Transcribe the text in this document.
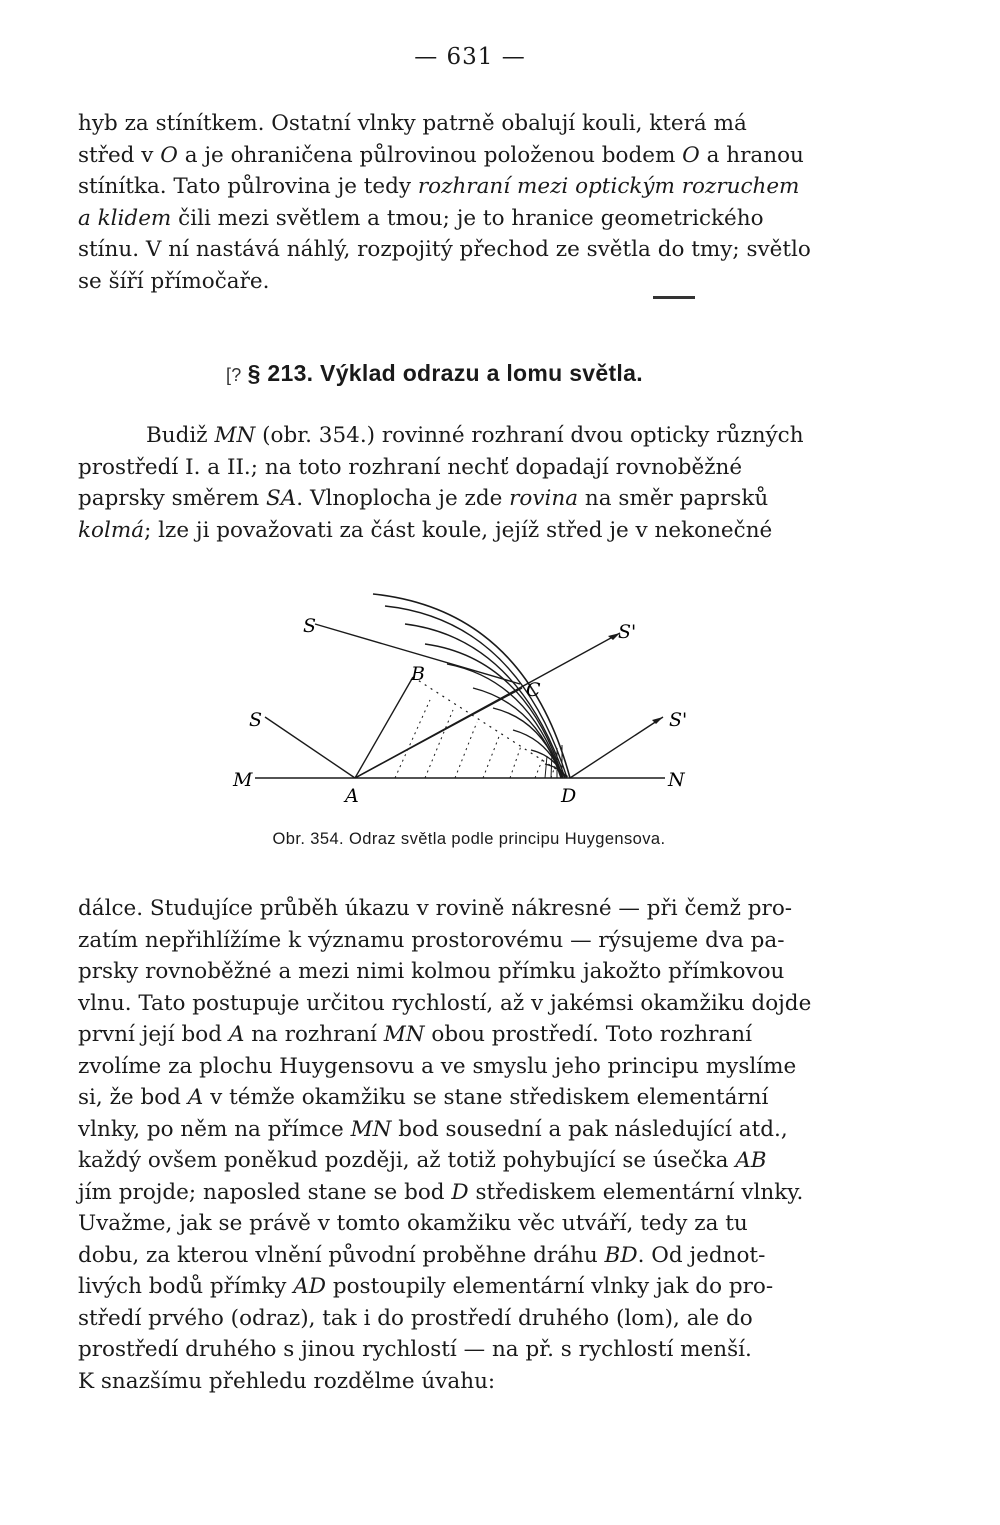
— 631 —

hyb za stínítkem. Ostatní vlnky patrně obalují kouli, která má

střed v O a je ohraničena půlrovinou položenou bodem O a hranou

stínítka. Tato půlrovina je tedy rozhraní mezi optickým rozruchem

a klidem čili mezi světlem a tmou; je to hranice geometrického

stínu. V ní nastává náhlý, rozpojitý přechod ze světla do tmy; světlo

se šíří přímočaře.

[? § 213. Výklad odrazu a lomu světla.

Budiž MN (obr. 354.) rovinné rozhraní dvou opticky různých

prostředí I. a II.; na toto rozhraní nechť dopadají rovnoběžné

paprsky směrem SA. Vlnoplocha je zde rovina na směr paprsků

kolmá; lze ji považovati za část koule, jejíž střed je v nekonečné

S
S
M
A
B
C
D
N
S'
S'
Obr. 354. Odraz světla podle principu Huygensova.

dálce. Studujíce průběh úkazu v rovině nákresné — při čemž pro-

zatím nepřihlížíme k významu prostorovému — rýsujeme dva pa-

prsky rovnoběžné a mezi nimi kolmou přímku jakožto přímkovou

vlnu. Tato postupuje určitou rychlostí, až v jakémsi okamžiku dojde

první její bod A na rozhraní MN obou prostředí. Toto rozhraní

zvolíme za plochu Huygensovu a ve smyslu jeho principu myslíme

si, že bod A v témže okamžiku se stane střediskem elementární

vlnky, po něm na přímce MN bod sousední a pak následující atd.,

každý ovšem poněkud později, až totiž pohybující se úsečka AB

jím projde; naposled stane se bod D střediskem elementární vlnky.

Uvažme, jak se právě v tomto okamžiku věc utváří, tedy za tu

dobu, za kterou vlnění původní proběhne dráhu BD. Od jednot-

livých bodů přímky AD postoupily elementární vlnky jak do pro-

středí prvého (odraz), tak i do prostředí druhého (lom), ale do

prostředí druhého s jinou rychlostí — na př. s rychlostí menší.

K snazšímu přehledu rozdělme úvahu:
